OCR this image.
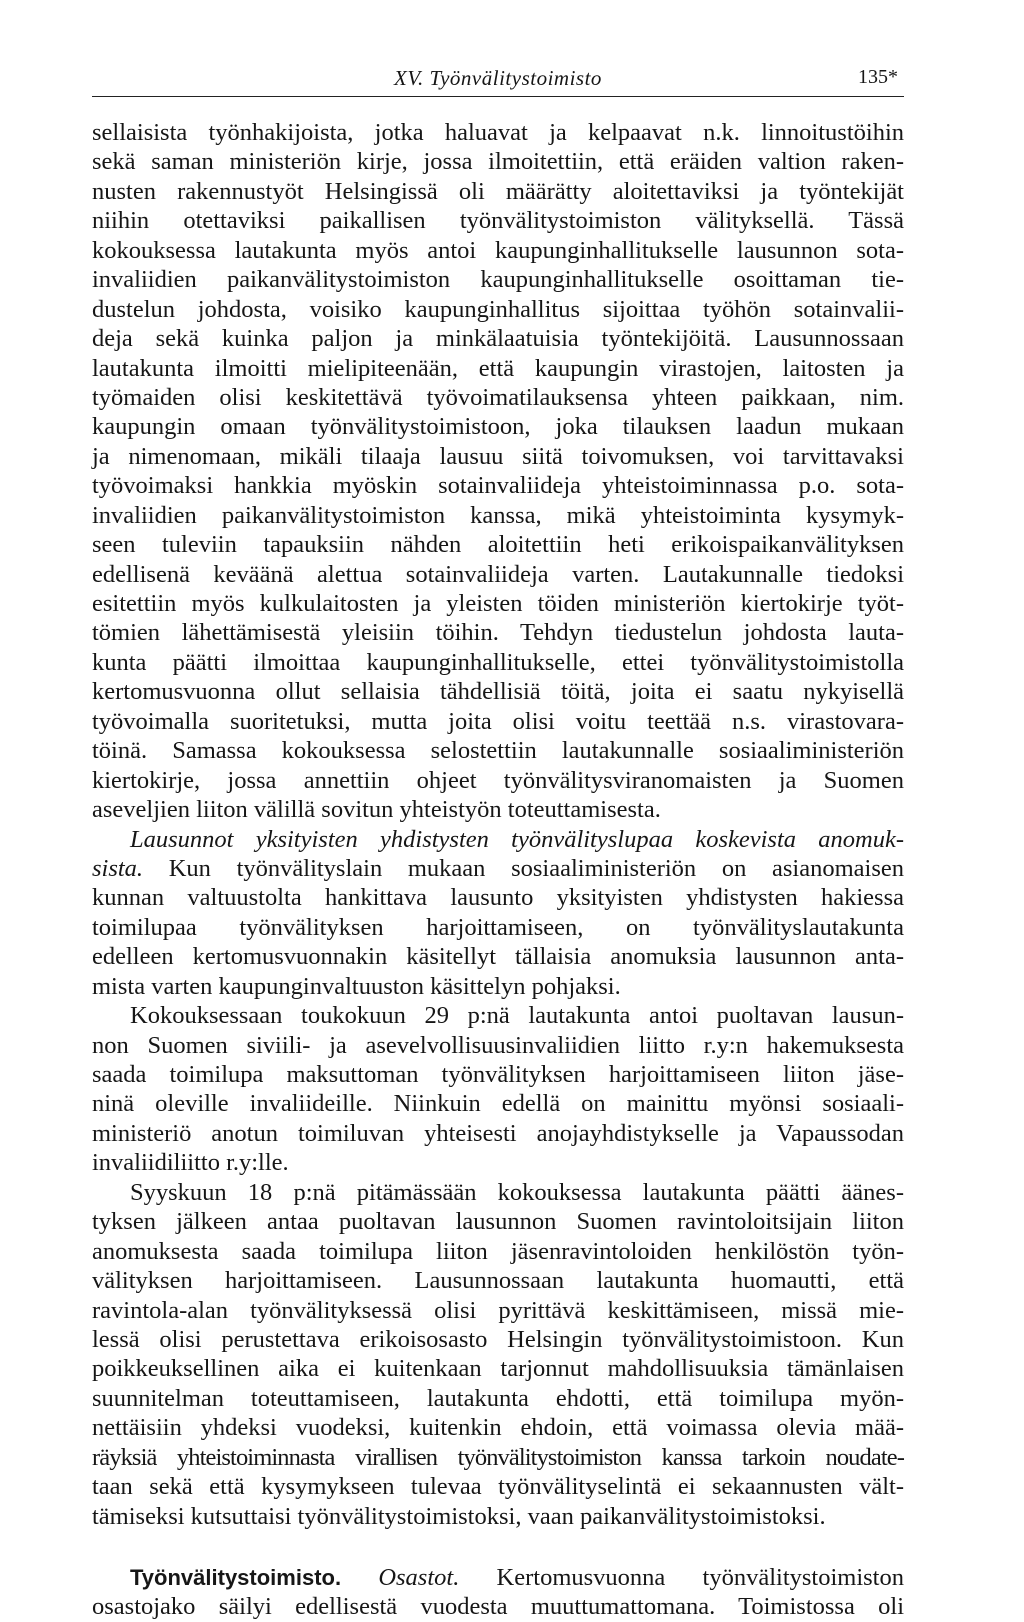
XV. Työnvälitystoimisto	135*
sellaisista työnhakijoista, jotka haluavat ja kelpaavat n.k. linnoitustöihin
sekä saman ministeriön kirje, jossa ilmoitettiin, että eräiden valtion raken-
nusten rakennustyöt Helsingissä oli määrätty aloitettaviksi ja työntekijät
niihin otettaviksi paikallisen työnvälitystoimiston välityksellä. Tässä
kokouksessa lautakunta myös antoi kaupunginhallitukselle lausunnon sota-
invaliidien paikanvälitystoimiston kaupunginhallitukselle osoittaman tie-
dustelun johdosta, voisiko kaupunginhallitus sijoittaa työhön sotainvalii-
deja sekä kuinka paljon ja minkälaatuisia työntekijöitä. Lausunnossaan
lautakunta ilmoitti mielipiteenään, että kaupungin virastojen, laitosten ja
työmaiden olisi keskitettävä työvoimatilauksensa yhteen paikkaan, nim.
kaupungin omaan työnvälitystoimistoon, joka tilauksen laadun mukaan
ja nimenomaan, mikäli tilaaja lausuu siitä toivomuksen, voi tarvittavaksi
työvoimaksi hankkia myöskin sotainvaliideja yhteistoiminnassa p.o. sota-
invaliidien paikanvälitystoimiston kanssa, mikä yhteistoiminta kysymyk-
seen tuleviin tapauksiin nähden aloitettiin heti erikoispaikanvälityksen
edellisenä keväänä alettua sotainvaliideja varten. Lautakunnalle tiedoksi
esitettiin myös kulkulaitosten ja yleisten töiden ministeriön kiertokirje työt-
tömien lähettämisestä yleisiin töihin. Tehdyn tiedustelun johdosta lauta-
kunta päätti ilmoittaa kaupunginhallitukselle, ettei työnvälitystoimistolla
kertomusvuonna ollut sellaisia tähdellisiä töitä, joita ei saatu nykyisellä
työvoimalla suoritetuksi, mutta joita olisi voitu teettää n.s. virastovara-
töinä. Samassa kokouksessa selostettiin lautakunnalle sosiaaliministeriön
kiertokirje, jossa annettiin ohjeet työnvälitysviranomaisten ja Suomen
aseveljien liiton välillä sovitun yhteistyön toteuttamisesta.
Lausunnot yksityisten yhdistysten työnvälityslupaa koskevista anomuk-
sista. Kun työnvälityslain mukaan sosiaaliministeriön on asianomaisen
kunnan valtuustolta hankittava lausunto yksityisten yhdistysten hakiessa
toimilupaa työnvälityksen harjoittamiseen, on työnvälityslautakunta
edelleen kertomusvuonnakin käsitellyt tällaisia anomuksia lausunnon anta-
mista varten kaupunginvaltuuston käsittelyn pohjaksi.
Kokouksessaan toukokuun 29 p:nä lautakunta antoi puoltavan lausun-
non Suomen siviili- ja asevelvollisuusinvaliidien liitto r.y:n hakemuksesta
saada toimilupa maksuttoman työnvälityksen harjoittamiseen liiton jäse-
ninä oleville invaliideille. Niinkuin edellä on mainittu myönsi sosiaali-
ministeriö anotun toimiluvan yhteisesti anojayhdistykselle ja Vapaussodan
invaliidiliitto r.y:lle.
Syyskuun 18 p:nä pitämässään kokouksessa lautakunta päätti äänes-
tyksen jälkeen antaa puoltavan lausunnon Suomen ravintoloitsijain liiton
anomuksesta saada toimilupa liiton jäsenravintoloiden henkilöstön työn-
välityksen harjoittamiseen. Lausunnossaan lautakunta huomautti, että
ravintola-alan työnvälityksessä olisi pyrittävä keskittämiseen, missä mie-
lessä olisi perustettava erikoisosasto Helsingin työnvälitystoimistoon. Kun
poikkeuksellinen aika ei kuitenkaan tarjonnut mahdollisuuksia tämänlaisen
suunnitelman toteuttamiseen, lautakunta ehdotti, että toimilupa myön-
nettäisiin yhdeksi vuodeksi, kuitenkin ehdoin, että voimassa olevia mää-
räyksiä yhteistoiminnasta virallisen työnvälitystoimiston kanssa tarkoin noudate-
taan sekä että kysymykseen tulevaa työnvälityselintä ei sekaannusten vält-
tämiseksi kutsuttaisi työnvälitystoimistoksi, vaan paikanvälitystoimistoksi.
Työnvälitystoimisto. Osastot. Kertomusvuonna työnvälitystoimiston
osastojako säilyi edellisestä vuodesta muuttumattomana. Toimistossa oli
